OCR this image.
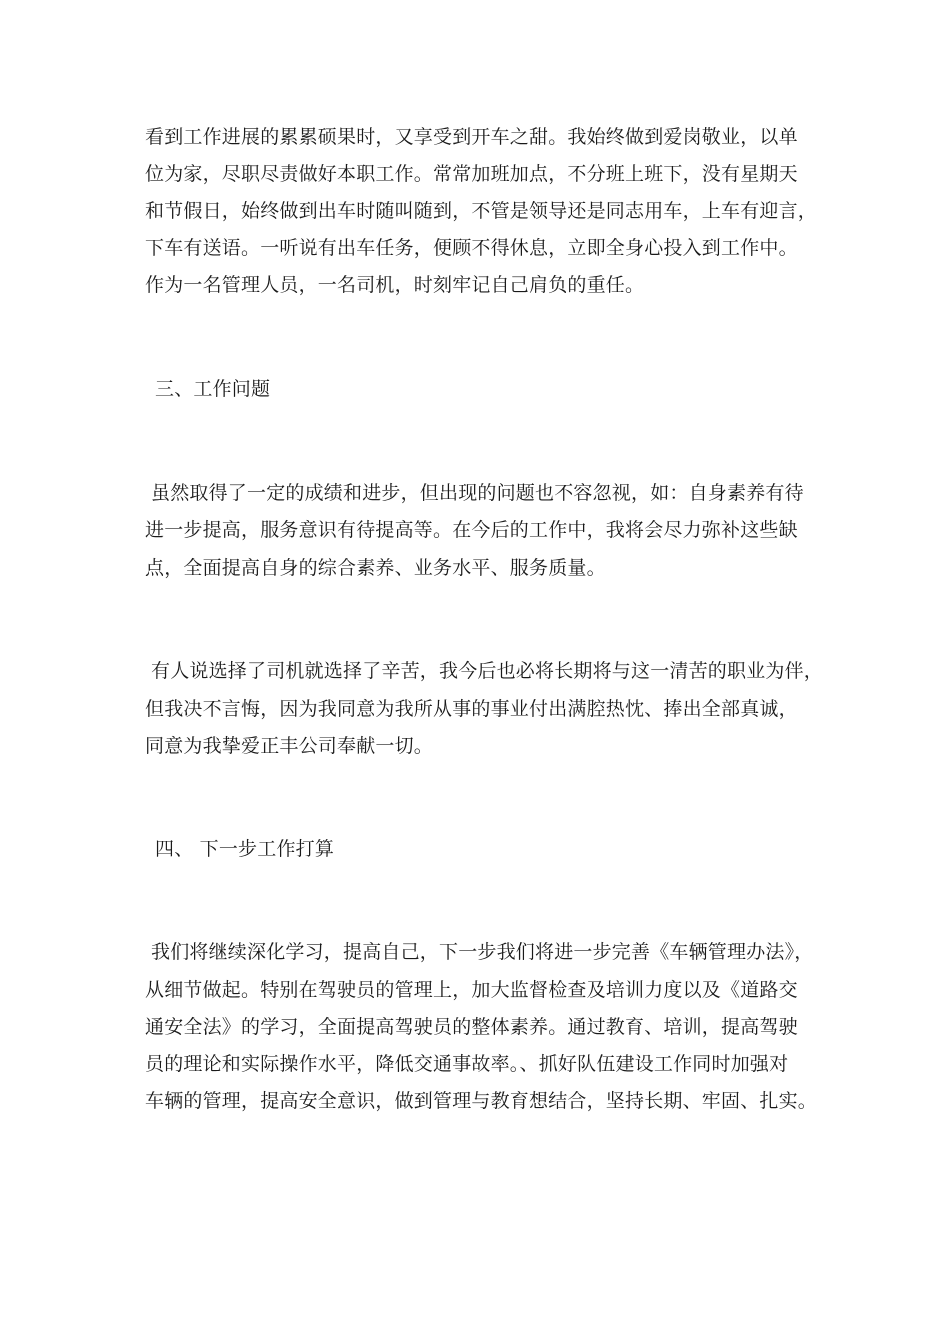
看到工作进展的累累硕果时，又享受到开车之甜。我始终做到爱岗敬业，以单
位为家，尽职尽责做好本职工作。常常加班加点，不分班上班下，没有星期天
和节假日，始终做到出车时随叫随到，不管是领导还是同志用车，上车有迎言，
下车有送语。一听说有出车任务，便顾不得休息，立即全身心投入到工作中。
作为一名管理人员，一名司机，时刻牢记自己肩负的重任。
三、工作问题
虽然取得了一定的成绩和进步，但出现的问题也不容忽视，如：自身素养有待
进一步提高，服务意识有待提高等。在今后的工作中，我将会尽力弥补这些缺
点，全面提高自身的综合素养、业务水平、服务质量。
有人说选择了司机就选择了辛苦，我今后也必将长期将与这一清苦的职业为伴，
但我决不言悔，因为我同意为我所从事的事业付出满腔热忱、捧出全部真诚，
同意为我挚爱正丰公司奉献一切。
四、 下一步工作打算
我们将继续深化学习，提高自己，下一步我们将进一步完善《车辆管理办法》，
从细节做起。特别在驾驶员的管理上，加大监督检查及培训力度以及《道路交
通安全法》的学习，全面提高驾驶员的整体素养。通过教育、培训，提高驾驶
员的理论和实际操作水平，降低交通事故率。、抓好队伍建设工作同时加强对
车辆的管理，提高安全意识，做到管理与教育想结合，坚持长期、牢固、扎实。
